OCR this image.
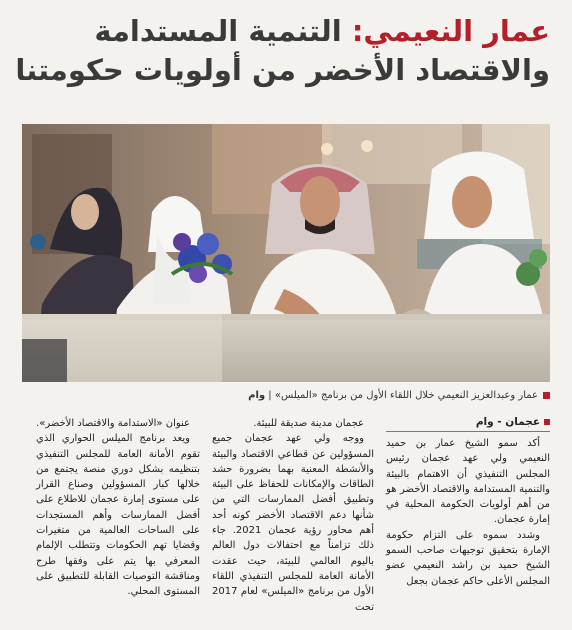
عمار النعيمي: التنمية المستدامة
والاقتصاد الأخضر من أولويات حكومتنا
عمار وعبدالعزيز النعيمي خلال اللقاء الأول من برنامج «الميلس» | وام
عجمان - وام

أكد سمو الشيخ عمار بن حميد النعيمي ولي عهد عجمان رئيس المجلس التنفيذي أن الاهتمام بالبيئة والتنمية المستدامة والاقتصاد الأخضر هو من أهم أولويات الحكومة المحلية في إمارة عجمان.

وشدد سموه على التزام حكومة الإمارة بتحقيق توجيهات صاحب السمو الشيخ حميد بن راشد النعيمي عضو المجلس الأعلى حاكم عجمان بجعل

عجمان مدينة صديقة للبيئة.

ووجه ولي عهد عجمان جميع المسؤولين عن قطاعي الاقتصاد والبيئة والأنشطة المعنية بهما بضرورة حشد الطاقات والإمكانات للحفاظ على البيئة وتطبيق أفضل الممارسات التي من شأنها دعم الاقتصاد الأخضر كونه أحد أهم محاور رؤية عجمان 2021. جاء ذلك تزامناً مع احتفالات دول العالم باليوم العالمي للبيئة، حيث عقدت الأمانة العامة للمجلس التنفيذي اللقاء الأول من برنامج «الميلس» لعام 2017 تحت

عنوان «الاستدامة والاقتصاد الأخضر».

ويعد برنامج الميلس الحواري الذي تقوم الأمانة العامة للمجلس التنفيذي بتنظيمه بشكل دوري منصة يجتمع من خلالها كبار المسؤولين وصناع القرار على مستوى إمارة عجمان للاطلاع على أفضل الممارسات وأهم المستجدات على الساحات العالمية من متغيرات وقضايا تهم الحكومات وتتطلب الإلمام المعرفي بها يتم على وفقها طرح ومناقشة التوصيات القابلة للتطبيق على المستوى المحلي.
